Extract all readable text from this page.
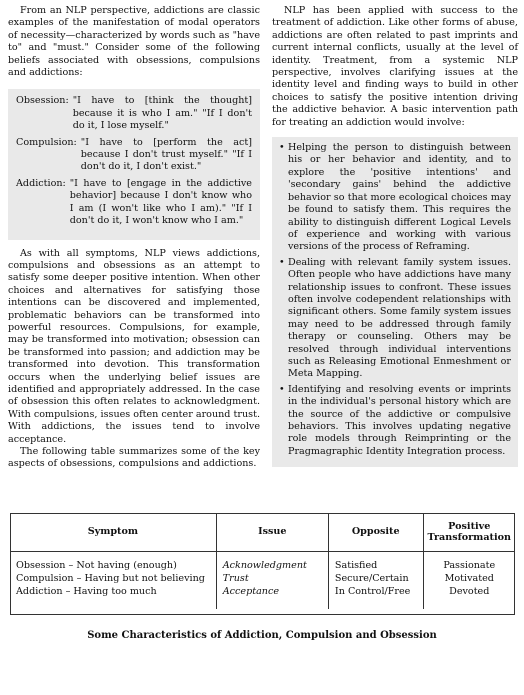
From an NLP perspective, addictions are classic examples of the manifestation of modal operators of necessity—characterized by words such as "have to" and "must." Consider some of the following beliefs associated with obsessions, compulsions and addictions:

Obsession: "I have to [think the thought] because it is who I am." "If I don't do it, I lose myself."
Compulsion: "I have to [perform the act] because I don't trust myself." "If I don't do it, I don't exist."
Addiction: "I have to [engage in the addictive behavior] because I don't know who I am (I won't like who I am)." "If I don't do it, I won't know who I am."

As with all symptoms, NLP views addictions, compulsions and obsessions as an attempt to satisfy some deeper positive intention. When other choices and alternatives for satisfying those intentions can be discovered and implemented, problematic behaviors can be transformed into powerful resources. Compulsions, for example, may be transformed into motivation; obsession can be transformed into passion; and addiction may be transformed into devotion. This transformation occurs when the underlying belief issues are identified and appropriately addressed. In the case of obsession this often relates to acknowledgment. With compulsions, issues often center around trust. With addictions, the issues tend to involve acceptance.

The following table summarizes some of the key aspects of obsessions, compulsions and addictions.

NLP has been applied with success to the treatment of addiction. Like other forms of abuse, addictions are often related to past imprints and current internal conflicts, usually at the level of identity. Treatment, from a systemic NLP perspective, involves clarifying issues at the identity level and finding ways to build in other choices to satisfy the positive intention driving the addictive behavior. A basic intervention path for treating an addiction would involve:

• Helping the person to distinguish between his or her behavior and identity, and to explore the 'positive intentions' and 'secondary gains' behind the addictive behavior so that more ecological choices may be found to satisfy them. This requires the ability to distinguish different Logical Levels of experience and working with various versions of the process of Reframing.
• Dealing with relevant family system issues. Often people who have addictions have many relationship issues to confront. These issues often involve codependent relationships with significant others. Some family system issues may need to be addressed through family therapy or counseling. Others may be resolved through individual interventions such as Releasing Emotional Enmeshment or Meta Mapping.
• Identifying and resolving events or imprints in the individual's personal history which are the source of the addictive or compulsive behaviors. This involves updating negative role models through Reimprinting or the Pragmagraphic Identity Integration process.
Symptom	Issue	Opposite	Positive Transformation
Obsession – Not having (enough)	Acknowledgment	Satisfied	Passionate
Compulsion – Having but not believing	Trust	Secure/Certain	Motivated
Addiction – Having too much	Acceptance	In Control/Free	Devoted
Some Characteristics of Addiction, Compulsion and Obsession
